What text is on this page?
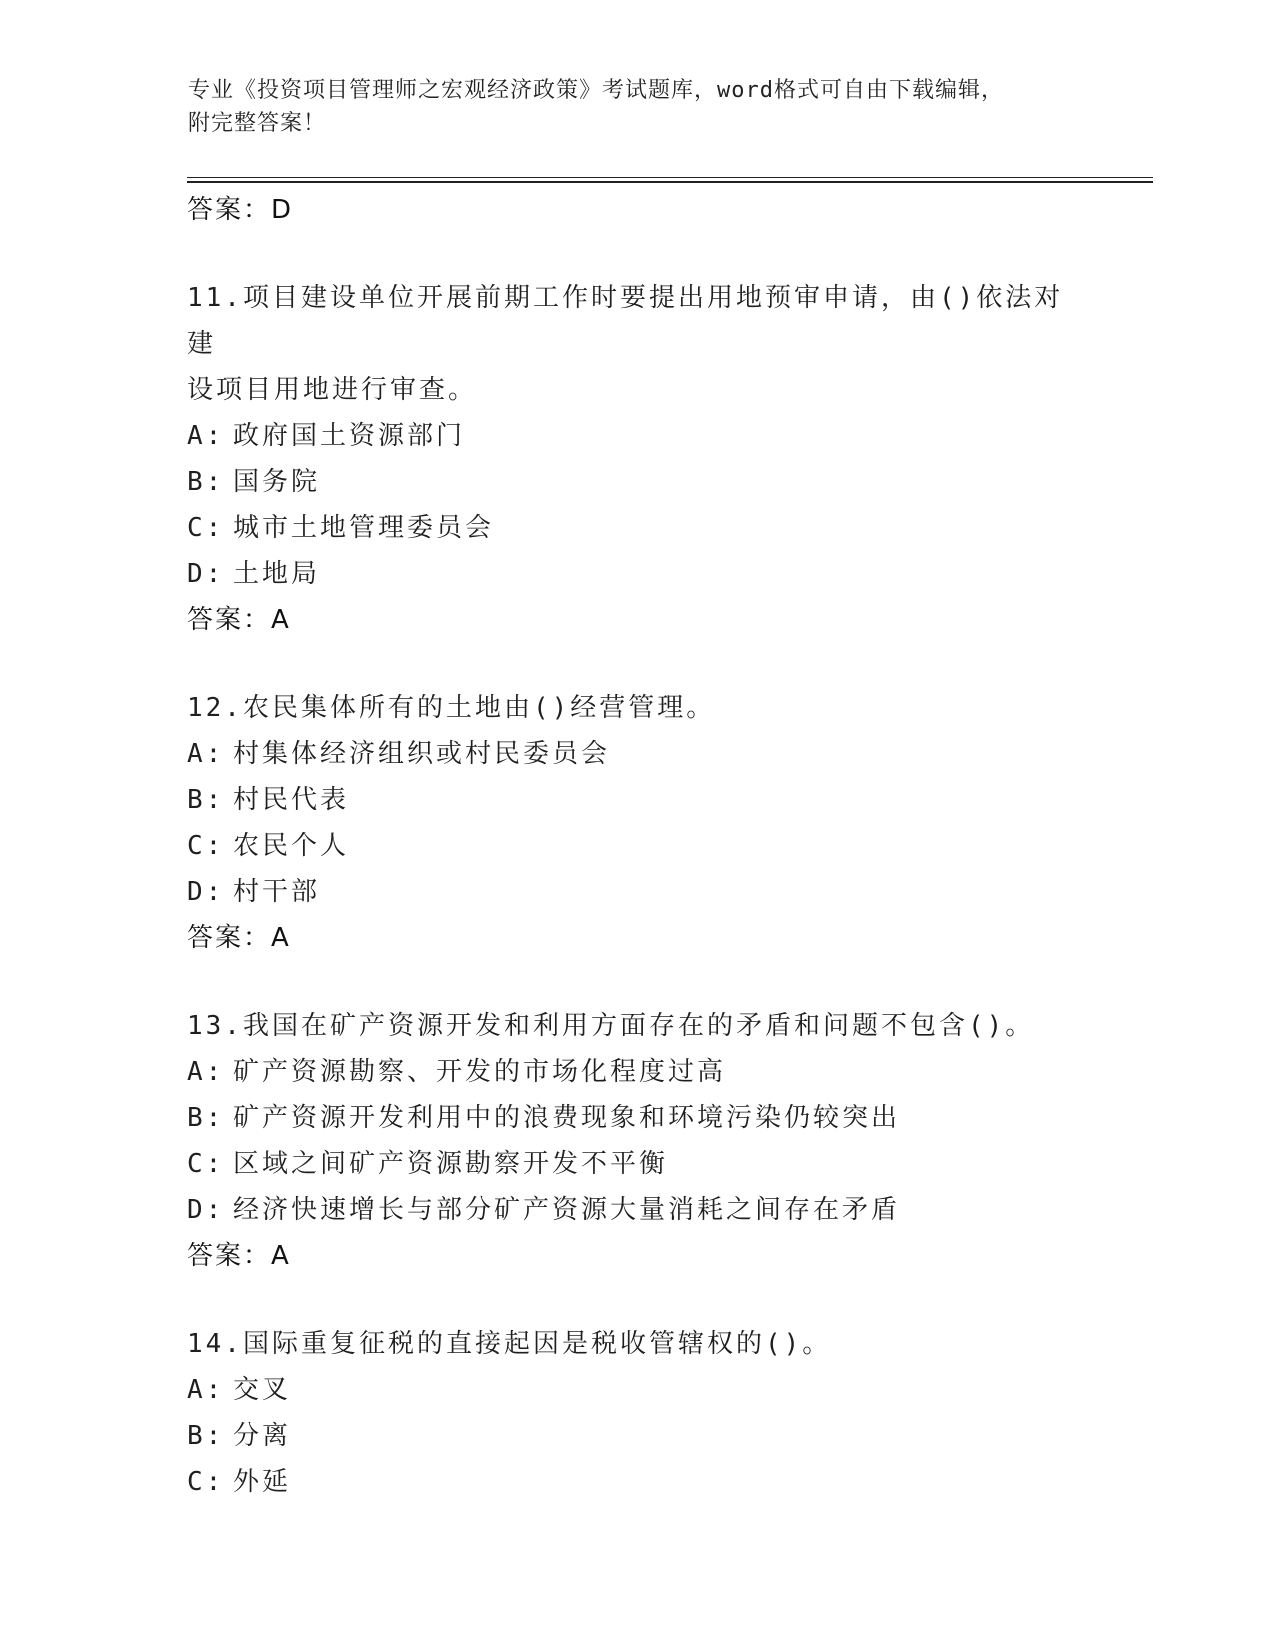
专业《投资项目管理师之宏观经济政策》考试题库，word格式可自由下载编辑，
附完整答案！
答案：D
11.项目建设单位开展前期工作时要提出用地预审申请，由()依法对建
设项目用地进行审查。
A: 政府国土资源部门
B: 国务院
C: 城市土地管理委员会
D: 土地局
答案：A
12.农民集体所有的土地由()经营管理。
A: 村集体经济组织或村民委员会
B: 村民代表
C: 农民个人
D: 村干部
答案：A
13.我国在矿产资源开发和利用方面存在的矛盾和问题不包含()。
A: 矿产资源勘察、开发的市场化程度过高
B: 矿产资源开发利用中的浪费现象和环境污染仍较突出
C: 区域之间矿产资源勘察开发不平衡
D: 经济快速增长与部分矿产资源大量消耗之间存在矛盾
答案：A
14.国际重复征税的直接起因是税收管辖权的()。
A: 交叉
B: 分离
C: 外延
